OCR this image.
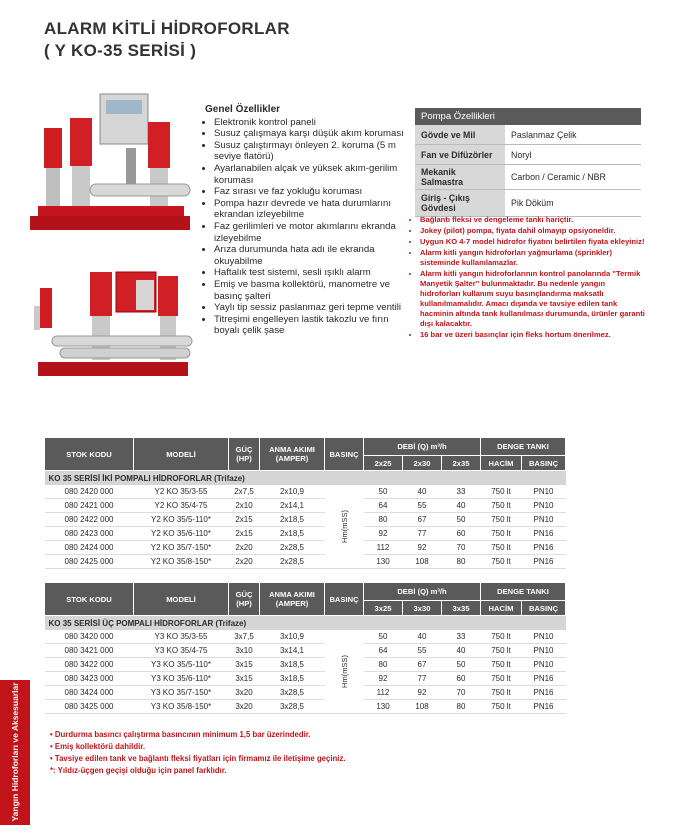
ALARM KİTLİ HİDROFORLAR
( Y KO-35 SERİSİ )
Genel Özellikler
• Elektronik kontrol paneli
• Susuz çalışmaya karşı düşük akım koruması
• Susuz çalıştırmayı önleyen 2. koruma (5 m seviye flatörü)
• Ayarlanabilen alçak ve yüksek akım-gerilim koruması
• Faz sırası ve faz yokluğu koruması
• Pompa hazır devrede ve hata durumlarını ekrandan izleyebilme
• Faz gerilimleri ve motor akımlarını ekranda izleyebilme
• Arıza durumunda hata adı ile ekranda okuyabilme
• Haftalık test sistemi, sesli ışıklı alarm
• Emiş ve basma kollektörü, manometre ve basınç şalteri
• Yaylı tip sessiz paslanmaz geri tepme ventili
• Titreşimi engelleyen lastik takozlu ve fırın boyalı çelik şase
Pompa Özellikleri	
Gövde ve Mil	Paslanmaz Çelik
Fan ve Difüzörler	Noryl
Mekanik Salmastra	Carbon / Ceramic / NBR
Giriş - Çıkış Gövdesi	Pik Döküm
• Bağlantı fleksi ve dengeleme tankı hariçtir.
• Jokey (pilot) pompa, fiyata dahil olmayıp opsiyoneldir.
• Uygun KO 4-7 model hidrofor fiyatını belirtilen fiyata ekleyiniz!
• Alarm kitli yangın hidroforları yağmurlama (sprinkler) sisteminde kullanılamazlar.
• Alarm kitli yangın hidroforlarının kontrol panolarında "Termik Manyetik Şalter" bulunmaktadır. Bu nedenle yangın hidroforları kullanım suyu basınçlandırma maksatlı kullanılmamalıdır. Amacı dışında ve tavsiye edilen tank hacminin altında tank kullanılması durumunda, ürünler garanti dışı kalacaktır.
• 16 bar ve üzeri basınçlar için fleks hortum önerilmez.
STOK KODU	MODELİ	GÜÇ (HP)	ANMA AKIMI (AMPER)	BASINÇ	DEBİ (Q) m³/h			DENGE TANKI	
					2x25	2x30	2x35	HACİM	BASINÇ
KO 35 SERİSİ İKİ POMPALI HİDROFORLAR (Trifaze)									
080 2420 000	Y2 KO 35/3-55	2x7,5	2x10,9	Hm(mSS)	50	40	33	750 lt	PN10
080 2421 000	Y2 KO 35/4-75	2x10	2x14,1		64	55	40	750 lt	PN10
080 2422 000	Y2 KO 35/5-110*	2x15	2x18,5		80	67	50	750 lt	PN10
080 2423 000	Y2 KO 35/6-110*	2x15	2x18,5		92	77	60	750 lt	PN16
080 2424 000	Y2 KO 35/7-150*	2x20	2x28,5		112	92	70	750 lt	PN16
080 2425 000	Y2 KO 35/8-150*	2x20	2x28,5		130	108	80	750 lt	PN16
STOK KODU	MODELİ	GÜÇ (HP)	ANMA AKIMI (AMPER)	BASINÇ	DEBİ (Q) m³/h			DENGE TANKI	
					3x25	3x30	3x35	HACİM	BASINÇ
KO 35 SERİSİ ÜÇ POMPALI HİDROFORLAR (Trifaze)									
080 3420 000	Y3 KO 35/3-55	3x7,5	3x10,9	Hm(mSS)	50	40	33	750 lt	PN10
080 3421 000	Y3 KO 35/4-75	3x10	3x14,1		64	55	40	750 lt	PN10
080 3422 000	Y3 KO 35/5-110*	3x15	3x18,5		80	67	50	750 lt	PN10
080 3423 000	Y3 KO 35/6-110*	3x15	3x18,5		92	77	60	750 lt	PN16
080 3424 000	Y3 KO 35/7-150*	3x20	3x28,5		112	92	70	750 lt	PN16
080 3425 000	Y3 KO 35/8-150*	3x20	3x28,5		130	108	80	750 lt	PN16
• Durdurma basıncı çalıştırma basıncının minimum 1,5 bar üzerindedir.
• Emiş kollektörü dahildir.
• Tavsiye edilen tank ve bağlantı fleksi fiyatları için firmamız ile iletişime geçiniz.
*: Yıldız-üçgen geçişi olduğu için panel farklıdır.
Yangın Hidroforları ve Aksesuarlar
